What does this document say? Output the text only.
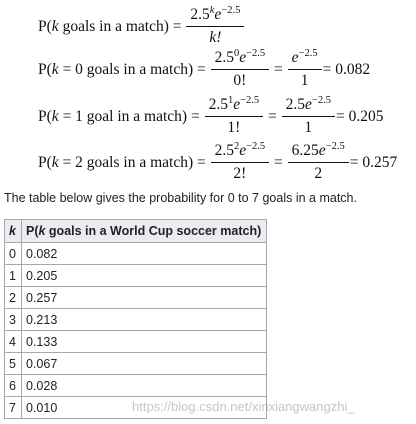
P( k goals in a match) = $\frac{2.5^ke^{-2.5}}{k!}$
P( k = 0 goals in a match) = $\frac{2.5^0e^{-2.5}}{0!} = \frac{e^{-2.5}}{1} = 0.082$
P( k = 1 goal in a match) = $\frac{2.5^1e^{-2.5}}{1!} = \frac{2.5e^{-2.5}}{1} = 0.205$
P( k = 2 goals in a match) = $\frac{2.5^2e^{-2.5}}{2!} = \frac{6.25e^{-2.5}}{2} = 0.257$
The table below gives the probability for 0 to 7 goals in a match.
k	P(k goals in a World Cup soccer match)
0	0.082
1	0.205
2	0.257
3	0.213
4	0.133
5	0.067
6	0.028
7	0.010	https://blog.csdn.net/xinxiangwangzhi_
